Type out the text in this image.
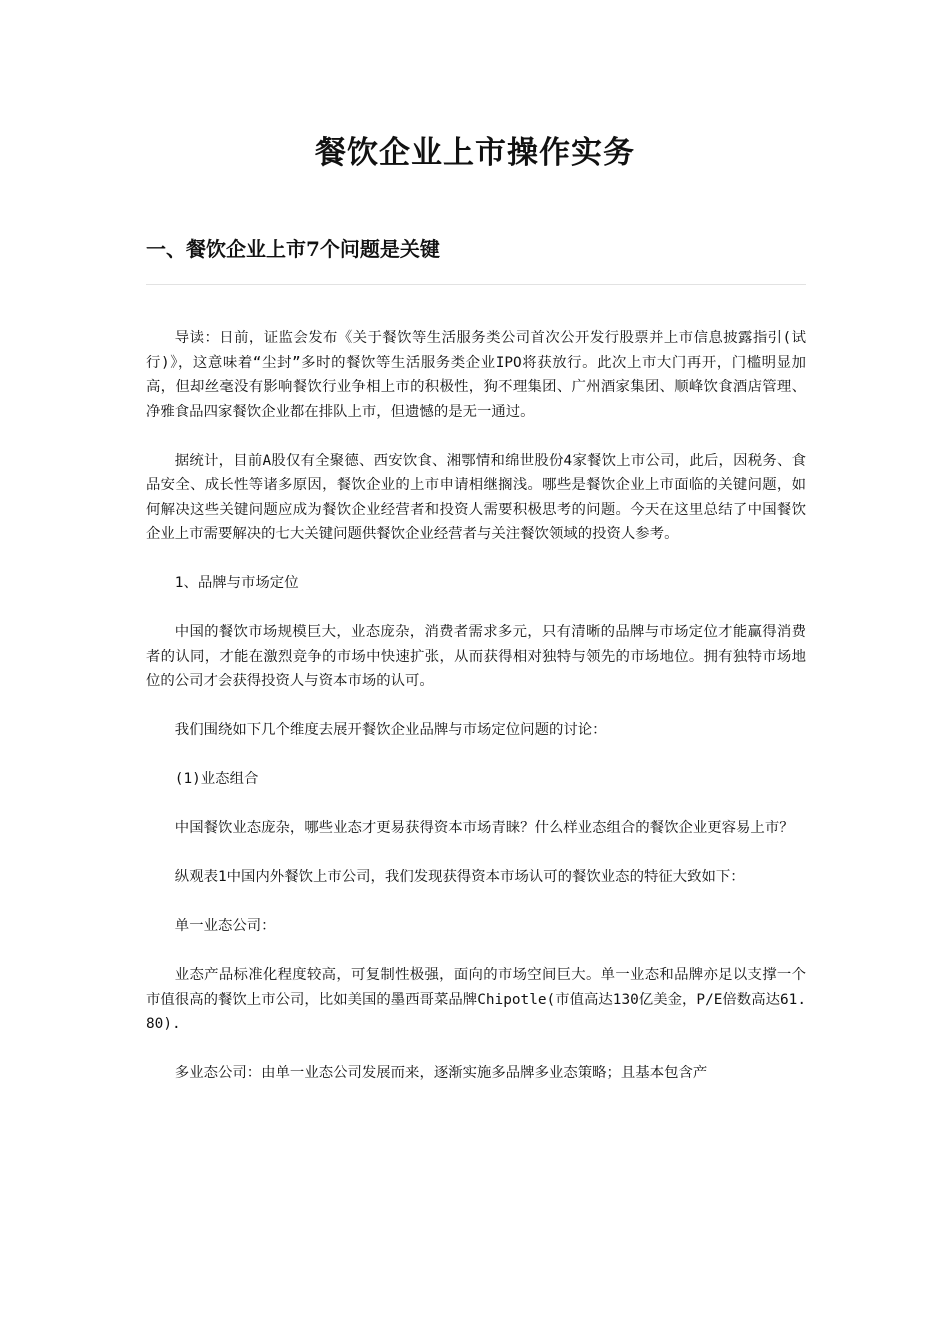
餐饮企业上市操作实务
一、餐饮企业上市7个问题是关键

导读：日前，证监会发布《关于餐饮等生活服务类公司首次公开发行股票并上市信息披露指引(试行)》，这意味着“尘封”多时的餐饮等生活服务类企业IPO将获放行。此次上市大门再开，门槛明显加高，但却丝毫没有影响餐饮行业争相上市的积极性，狗不理集团、广州酒家集团、顺峰饮食酒店管理、净雅食品四家餐饮企业都在排队上市，但遗憾的是无一通过。

据统计，目前A股仅有全聚德、西安饮食、湘鄂情和绵世股份4家餐饮上市公司，此后，因税务、食品安全、成长性等诸多原因，餐饮企业的上市申请相继搁浅。哪些是餐饮企业上市面临的关键问题，如何解决这些关键问题应成为餐饮企业经营者和投资人需要积极思考的问题。今天在这里总结了中国餐饮企业上市需要解决的七大关键问题供餐饮企业经营者与关注餐饮领域的投资人参考。

1、品牌与市场定位

中国的餐饮市场规模巨大，业态庞杂，消费者需求多元，只有清晰的品牌与市场定位才能赢得消费者的认同，才能在激烈竞争的市场中快速扩张，从而获得相对独特与领先的市场地位。拥有独特市场地位的公司才会获得投资人与资本市场的认可。

我们围绕如下几个维度去展开餐饮企业品牌与市场定位问题的讨论：

(1)业态组合

中国餐饮业态庞杂，哪些业态才更易获得资本市场青睐？什么样业态组合的餐饮企业更容易上市？

纵观表1中国内外餐饮上市公司，我们发现获得资本市场认可的餐饮业态的特征大致如下：

单一业态公司：

业态产品标准化程度较高，可复制性极强，面向的市场空间巨大。单一业态和品牌亦足以支撑一个市值很高的餐饮上市公司，比如美国的墨西哥菜品牌Chipotle(市值高达130亿美金，P/E倍数高达61.80).

多业态公司：由单一业态公司发展而来，逐渐实施多品牌多业态策略；且基本包含产
